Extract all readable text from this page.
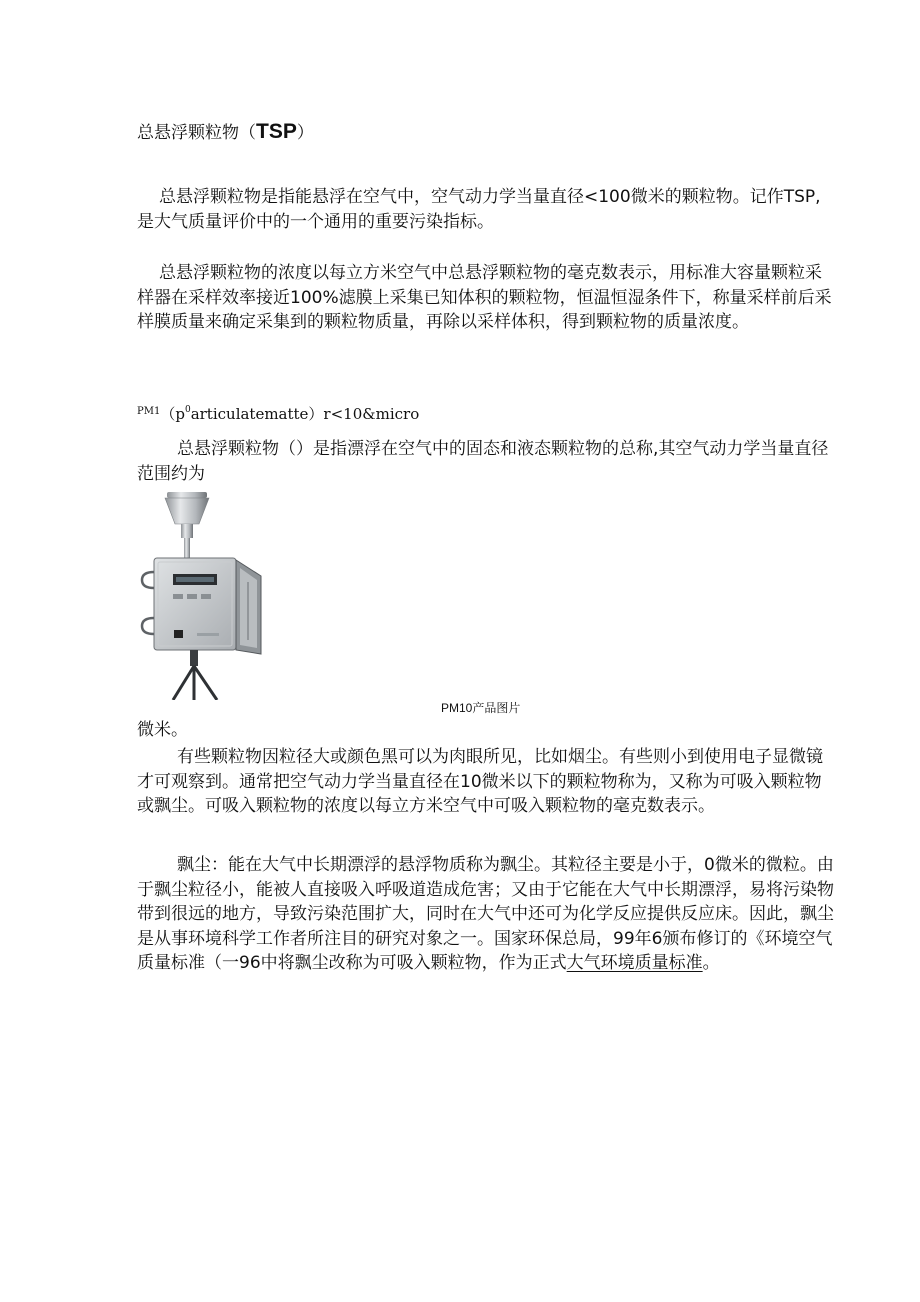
总悬浮颗粒物（TSP）

总悬浮颗粒物是指能悬浮在空气中，空气动力学当量直径<100微米的颗粒物。记作TSP,是大气质量评价中的一个通用的重要污染指标。

总悬浮颗粒物的浓度以每立方米空气中总悬浮颗粒物的毫克数表示，用标准大容量颗粒采样器在采样效率接近100%滤膜上采集已知体积的颗粒物，恒温恒湿条件下，称量采样前后采样膜质量来确定采集到的颗粒物质量，再除以采样体积，得到颗粒物的质量浓度。

$^{PM1}(p^0articulatematte)r<10\&micro$

总悬浮颗粒物（）是指漂浮在空气中的固态和液态颗粒物的总称,其空气动力学当量直径范围约为

PM10产品图片

微米。

有些颗粒物因粒径大或颜色黑可以为肉眼所见，比如烟尘。有些则小到使用电子显微镜才可观察到。通常把空气动力学当量直径在10微米以下的颗粒物称为，又称为可吸入颗粒物或飘尘。可吸入颗粒物的浓度以每立方米空气中可吸入颗粒物的毫克数表示。

飘尘：能在大气中长期漂浮的悬浮物质称为飘尘。其粒径主要是小于，0微米的微粒。由于飘尘粒径小，能被人直接吸入呼吸道造成危害；又由于它能在大气中长期漂浮，易将污染物带到很远的地方，导致污染范围扩大，同时在大气中还可为化学反应提供反应床。因此，飘尘是从事环境科学工作者所注目的研究对象之一。国家环保总局，99年6颁布修订的《环境空气质量标准（一96中将飘尘改称为可吸入颗粒物，作为正式大气环境质量标准。
